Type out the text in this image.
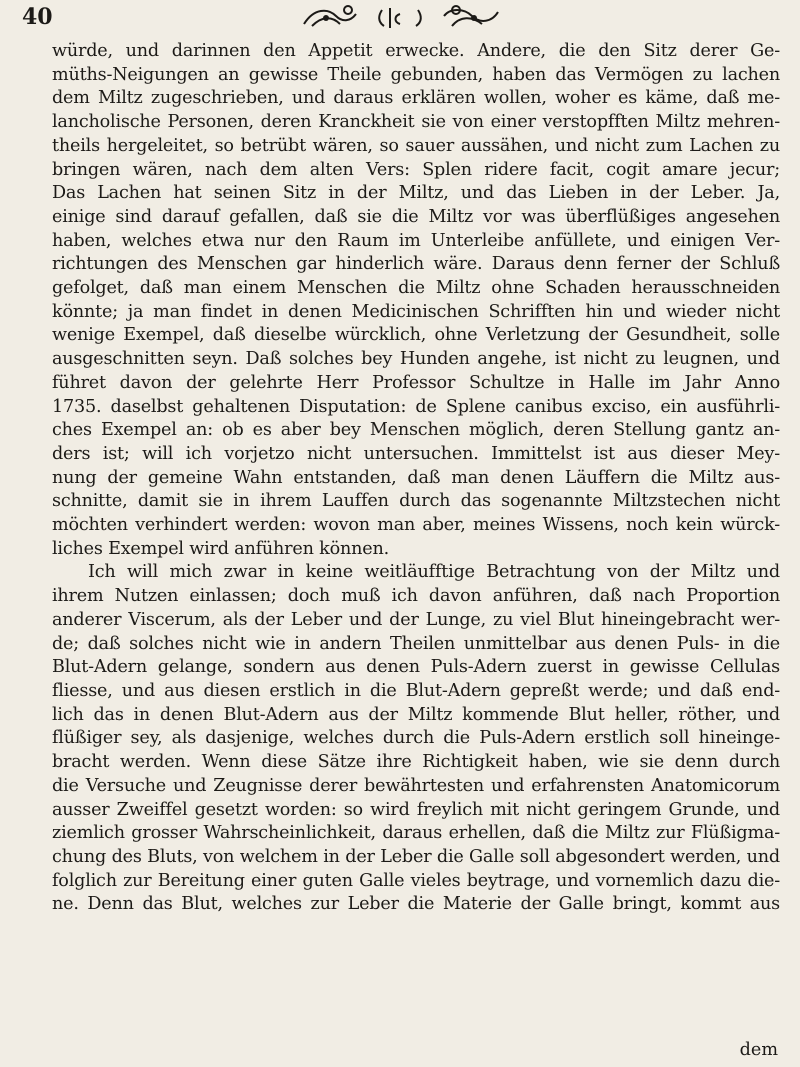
40
würde, und darinnen den Appetit erwecke. Andere, die den Sitz derer Ge-
müths-Neigungen an gewisse Theile gebunden, haben das Vermögen zu lachen
dem Miltz zugeschrieben, und daraus erklären wollen, woher es käme, daß me-
lancholische Personen, deren Kranckheit sie von einer verstopfften Miltz mehren-
theils hergeleitet, so betrübt wären, so sauer aussähen, und nicht zum Lachen zu
bringen wären, nach dem alten Vers: Splen ridere facit, cogit amare jecur;
Das Lachen hat seinen Sitz in der Miltz, und das Lieben in der Leber. Ja,
einige sind darauf gefallen, daß sie die Miltz vor was überflüßiges angesehen
haben, welches etwa nur den Raum im Unterleibe anfüllete, und einigen Ver-
richtungen des Menschen gar hinderlich wäre. Daraus denn ferner der Schluß
gefolget, daß man einem Menschen die Miltz ohne Schaden herausschneiden
könnte; ja man findet in denen Medicinischen Schrifften hin und wieder nicht
wenige Exempel, daß dieselbe würcklich, ohne Verletzung der Gesundheit, solle
ausgeschnitten seyn. Daß solches bey Hunden angehe, ist nicht zu leugnen, und
führet davon der gelehrte Herr Professor Schultze in Halle im Jahr Anno
1735. daselbst gehaltenen Disputation: de Splene canibus exciso, ein ausführli-
ches Exempel an: ob es aber bey Menschen möglich, deren Stellung gantz an-
ders ist; will ich vorjetzo nicht untersuchen. Immittelst ist aus dieser Mey-
nung der gemeine Wahn entstanden, daß man denen Läuffern die Miltz aus-
schnitte, damit sie in ihrem Lauffen durch das sogenannte Miltzstechen nicht
möchten verhindert werden: wovon man aber, meines Wissens, noch kein würck-
liches Exempel wird anführen können.
Ich will mich zwar in keine weitläufftige Betrachtung von der Miltz und
ihrem Nutzen einlassen; doch muß ich davon anführen, daß nach Proportion
anderer Viscerum, als der Leber und der Lunge, zu viel Blut hineingebracht wer-
de; daß solches nicht wie in andern Theilen unmittelbar aus denen Puls- in die
Blut-Adern gelange, sondern aus denen Puls-Adern zuerst in gewisse Cellulas
fliesse, und aus diesen erstlich in die Blut-Adern gepreßt werde; und daß end-
lich das in denen Blut-Adern aus der Miltz kommende Blut heller, röther, und
flüßiger sey, als dasjenige, welches durch die Puls-Adern erstlich soll hineinge-
bracht werden. Wenn diese Sätze ihre Richtigkeit haben, wie sie denn durch
die Versuche und Zeugnisse derer bewährtesten und erfahrensten Anatomicorum
ausser Zweiffel gesetzt worden: so wird freylich mit nicht geringem Grunde, und
ziemlich grosser Wahrscheinlichkeit, daraus erhellen, daß die Miltz zur Flüßigma-
chung des Bluts, von welchem in der Leber die Galle soll abgesondert werden, und
folglich zur Bereitung einer guten Galle vieles beytrage, und vornemlich dazu die-
ne. Denn das Blut, welches zur Leber die Materie der Galle bringt, kommt aus
dem
